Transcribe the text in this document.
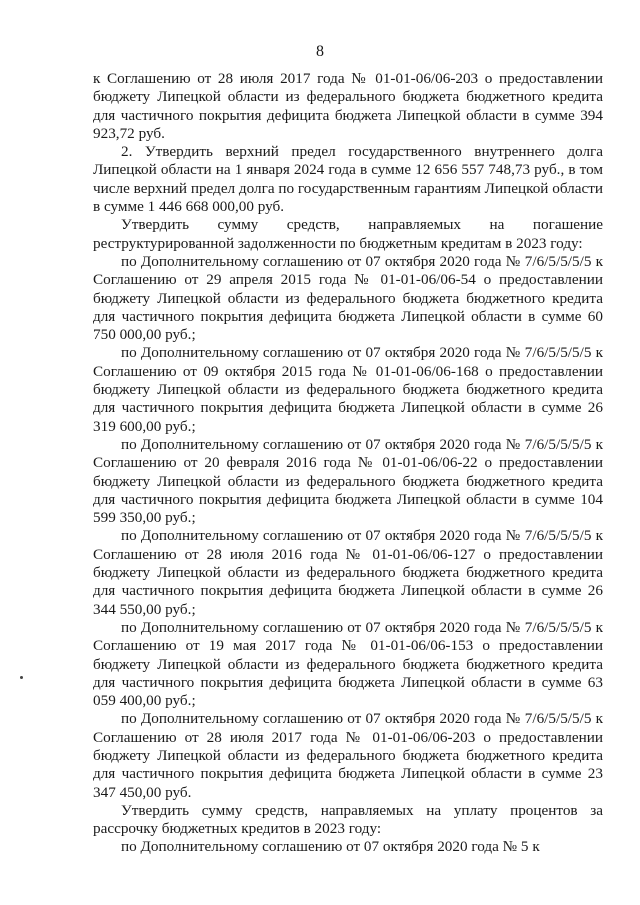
8

к Соглашению от 28 июля 2017 года № 01-01-06/06-203 о предоставлении бюджету Липецкой области из федерального бюджета бюджетного кредита для частичного покрытия дефицита бюджета Липецкой области в сумме 394 923,72 руб.

2. Утвердить верхний предел государственного внутреннего долга Липецкой области на 1 января 2024 года в сумме 12 656 557 748,73 руб., в том числе верхний предел долга по государственным гарантиям Липецкой области в сумме 1 446 668 000,00 руб.

Утвердить сумму средств, направляемых на погашение реструктурированной задолженности по бюджетным кредитам в 2023 году:

по Дополнительному соглашению от 07 октября 2020 года № 7/6/5/5/5/5 к Соглашению от 29 апреля 2015 года № 01-01-06/06-54 о предоставлении бюджету Липецкой области из федерального бюджета бюджетного кредита для частичного покрытия дефицита бюджета Липецкой области в сумме 60 750 000,00 руб.;

по Дополнительному соглашению от 07 октября 2020 года № 7/6/5/5/5/5 к Соглашению от 09 октября 2015 года № 01-01-06/06-168 о предоставлении бюджету Липецкой области из федерального бюджета бюджетного кредита для частичного покрытия дефицита бюджета Липецкой области в сумме 26 319 600,00 руб.;

по Дополнительному соглашению от 07 октября 2020 года № 7/6/5/5/5/5 к Соглашению от 20 февраля 2016 года № 01-01-06/06-22 о предоставлении бюджету Липецкой области из федерального бюджета бюджетного кредита для частичного покрытия дефицита бюджета Липецкой области в сумме 104 599 350,00 руб.;

по Дополнительному соглашению от 07 октября 2020 года № 7/6/5/5/5/5 к Соглашению от 28 июля 2016 года № 01-01-06/06-127 о предоставлении бюджету Липецкой области из федерального бюджета бюджетного кредита для частичного покрытия дефицита бюджета Липецкой области в сумме 26 344 550,00 руб.;

по Дополнительному соглашению от 07 октября 2020 года № 7/6/5/5/5/5 к Соглашению от 19 мая 2017 года № 01-01-06/06-153 о предоставлении бюджету Липецкой области из федерального бюджета бюджетного кредита для частичного покрытия дефицита бюджета Липецкой области в сумме 63 059 400,00 руб.;

по Дополнительному соглашению от 07 октября 2020 года № 7/6/5/5/5/5 к Соглашению от 28 июля 2017 года № 01-01-06/06-203 о предоставлении бюджету Липецкой области из федерального бюджета бюджетного кредита для частичного покрытия дефицита бюджета Липецкой области в сумме 23 347 450,00 руб.

Утвердить сумму средств, направляемых на уплату процентов за рассрочку бюджетных кредитов в 2023 году:

по Дополнительному соглашению от 07 октября 2020 года № 5 к
